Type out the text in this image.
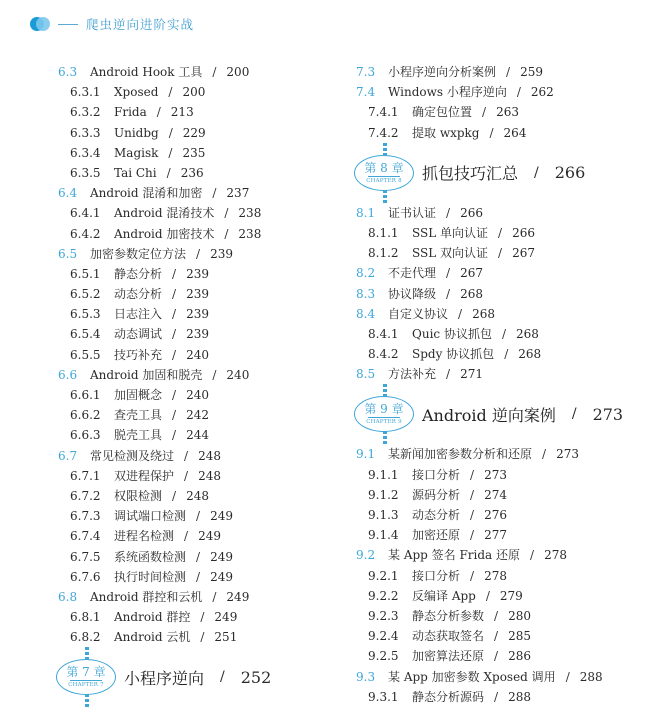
爬虫逆向进阶实战
6.3 Android Hook 工具 / 200
6.3.1 Xposed / 200
6.3.2 Frida / 213
6.3.3 Unidbg / 229
6.3.4 Magisk / 235
6.3.5 Tai Chi / 236
6.4 Android 混淆和加密 / 237
6.4.1 Android 混淆技术 / 238
6.4.2 Android 加密技术 / 238
6.5 加密参数定位方法 / 239
6.5.1 静态分析 / 239
6.5.2 动态分析 / 239
6.5.3 日志注入 / 239
6.5.4 动态调试 / 239
6.5.5 技巧补充 / 240
6.6 Android 加固和脱壳 / 240
6.6.1 加固概念 / 240
6.6.2 查壳工具 / 242
6.6.3 脱壳工具 / 244
6.7 常见检测及绕过 / 248
6.7.1 双进程保护 / 248
6.7.2 权限检测 / 248
6.7.3 调试端口检测 / 249
6.7.4 进程名检测 / 249
6.7.5 系统函数检测 / 249
6.7.6 执行时间检测 / 249
6.8 Android 群控和云机 / 249
6.8.1 Android 群控 / 249
6.8.2 Android 云机 / 251
第 7 章
CHAPTER 7 小程序逆向 / 252
7.3 小程序逆向分析案例 / 259
7.4 Windows 小程序逆向 / 262
7.4.1 确定包位置 / 263
7.4.2 提取 wxpkg / 264
第 8 章
CHAPTER 8 抓包技巧汇总 / 266
8.1 证书认证 / 266
8.1.1 SSL 单向认证 / 266
8.1.2 SSL 双向认证 / 267
8.2 不走代理 / 267
8.3 协议降级 / 268
8.4 自定义协议 / 268
8.4.1 Quic 协议抓包 / 268
8.4.2 Spdy 协议抓包 / 268
8.5 方法补充 / 271
第 9 章
CHAPTER 9 Android 逆向案例 / 273
9.1 某新闻加密参数分析和还原 / 273
9.1.1 接口分析 / 273
9.1.2 源码分析 / 274
9.1.3 动态分析 / 276
9.1.4 加密还原 / 277
9.2 某 App 签名 Frida 还原 / 278
9.2.1 接口分析 / 278
9.2.2 反编译 App / 279
9.2.3 静态分析参数 / 280
9.2.4 动态获取签名 / 285
9.2.5 加密算法还原 / 286
9.3 某 App 加密参数 Xposed 调用 / 288
9.3.1 静态分析源码 / 288
